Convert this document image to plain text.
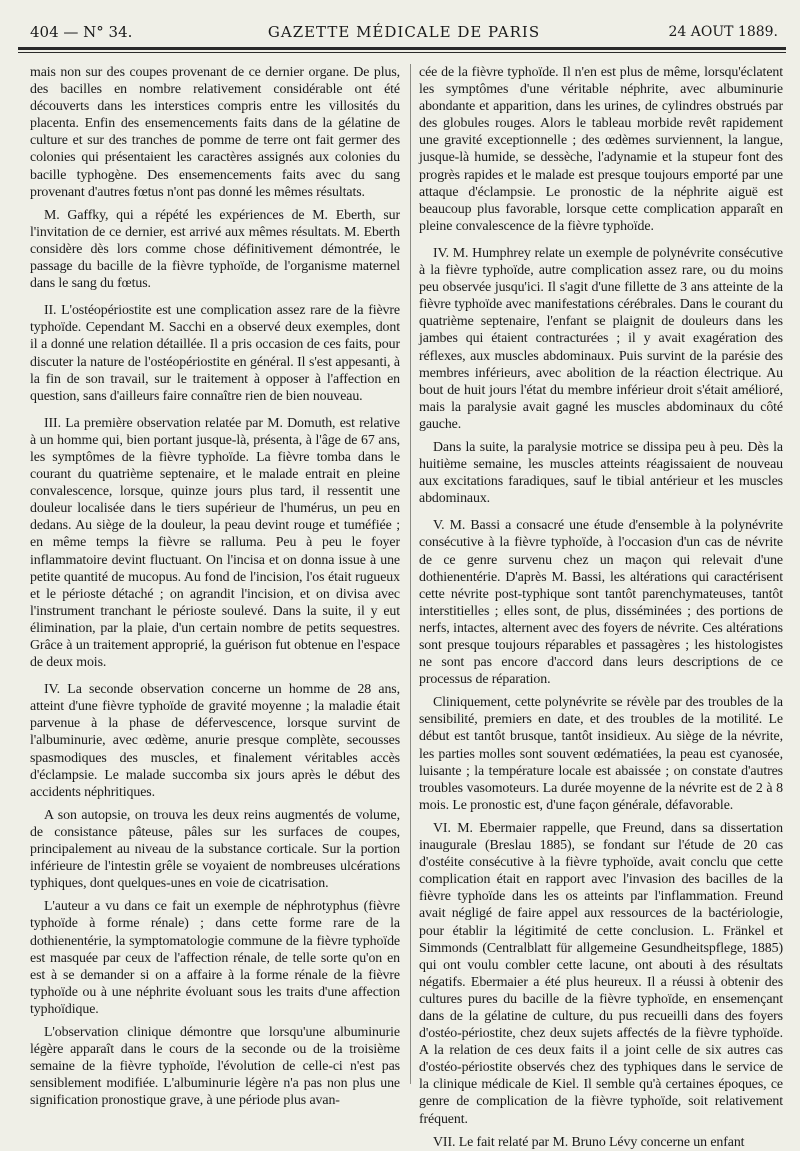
404 — N° 34.	GAZETTE MÉDICALE DE PARIS	24 AOUT 1889.

mais non sur des coupes provenant de ce dernier organe. De plus, des bacilles en nombre relativement considérable ont été découverts dans les interstices compris entre les villosités du placenta. Enfin des ensemencements faits dans de la gélatine de culture et sur des tranches de pomme de terre ont fait germer des colonies qui présentaient les caractères assignés aux colonies du bacille typhogène. Des ensemencements faits avec du sang provenant d'autres fœtus n'ont pas donné les mêmes résultats.

M. Gaffky, qui a répété les expériences de M. Eberth, sur l'invitation de ce dernier, est arrivé aux mêmes résultats. M. Eberth considère dès lors comme chose définitivement démontrée, le passage du bacille de la fièvre typhoïde, de l'organisme maternel dans le sang du fœtus.

II. L'ostéopériostite est une complication assez rare de la fièvre typhoïde. Cependant M. Sacchi en a observé deux exemples, dont il a donné une relation détaillée. Il a pris occasion de ces faits, pour discuter la nature de l'ostéopériostite en général. Il s'est appesanti, à la fin de son travail, sur le traitement à opposer à l'affection en question, sans d'ailleurs faire connaître rien de bien nouveau.

III. La première observation relatée par M. Domuth, est relative à un homme qui, bien portant jusque-là, présenta, à l'âge de 67 ans, les symptômes de la fièvre typhoïde. La fièvre tomba dans le courant du quatrième septenaire, et le malade entrait en pleine convalescence, lorsque, quinze jours plus tard, il ressentit une douleur localisée dans le tiers supérieur de l'humérus, un peu en dedans. Au siège de la douleur, la peau devint rouge et tuméfiée ; en même temps la fièvre se ralluma. Peu à peu le foyer inflammatoire devint fluctuant. On l'incisa et on donna issue à une petite quantité de mucopus. Au fond de l'incision, l'os était rugueux et le périoste détaché ; on agrandit l'incision, et on divisa avec l'instrument tranchant le périoste soulevé. Dans la suite, il y eut élimination, par la plaie, d'un certain nombre de petits sequestres. Grâce à un traitement approprié, la guérison fut obtenue en l'espace de deux mois.

IV. La seconde observation concerne un homme de 28 ans, atteint d'une fièvre typhoïde de gravité moyenne ; la maladie était parvenue à la phase de défervescence, lorsque survint de l'albuminurie, avec œdème, anurie presque complète, secousses spasmodiques des muscles, et finalement véritables accès d'éclampsie. Le malade succomba six jours après le début des accidents néphritiques.

A son autopsie, on trouva les deux reins augmentés de volume, de consistance pâteuse, pâles sur les surfaces de coupes, principalement au niveau de la substance corticale. Sur la portion inférieure de l'intestin grêle se voyaient de nombreuses ulcérations typhiques, dont quelques-unes en voie de cicatrisation.

L'auteur a vu dans ce fait un exemple de néphrotyphus (fièvre typhoïde à forme rénale) ; dans cette forme rare de la dothienentérie, la symptomatologie commune de la fièvre typhoïde est masquée par ceux de l'affection rénale, de telle sorte qu'on en est à se demander si on a affaire à la forme rénale de la fièvre typhoïde ou à une néphrite évoluant sous les traits d'une affection typhoïdique.

L'observation clinique démontre que lorsqu'une albuminurie légère apparaît dans le cours de la seconde ou de la troisième semaine de la fièvre typhoïde, l'évolution de celle-ci n'est pas sensiblement modifiée. L'albuminurie légère n'a pas non plus une signification pronostique grave, à une période plus avan-

cée de la fièvre typhoïde. Il n'en est plus de même, lorsqu'éclatent les symptômes d'une véritable néphrite, avec albuminurie abondante et apparition, dans les urines, de cylindres obstrués par des globules rouges. Alors le tableau morbide revêt rapidement une gravité exceptionnelle ; des œdèmes surviennent, la langue, jusque-là humide, se dessèche, l'adynamie et la stupeur font des progrès rapides et le malade est presque toujours emporté par une attaque d'éclampsie. Le pronostic de la néphrite aiguë est beaucoup plus favorable, lorsque cette complication apparaît en pleine convalescence de la fièvre typhoïde.

IV. M. Humphrey relate un exemple de polynévrite consécutive à la fièvre typhoïde, autre complication assez rare, ou du moins peu observée jusqu'ici. Il s'agit d'une fillette de 3 ans atteinte de la fièvre typhoïde avec manifestations cérébrales. Dans le courant du quatrième septenaire, l'enfant se plaignit de douleurs dans les jambes qui étaient contracturées ; il y avait exagération des réflexes, aux muscles abdominaux. Puis survint de la parésie des membres inférieurs, avec abolition de la réaction électrique. Au bout de huit jours l'état du membre inférieur droit s'était amélioré, mais la paralysie avait gagné les muscles abdominaux du côté gauche.

Dans la suite, la paralysie motrice se dissipa peu à peu. Dès la huitième semaine, les muscles atteints réagissaient de nouveau aux excitations faradiques, sauf le tibial antérieur et les muscles abdominaux.

V. M. Bassi a consacré une étude d'ensemble à la polynévrite consécutive à la fièvre typhoïde, à l'occasion d'un cas de névrite de ce genre survenu chez un maçon qui relevait d'une dothienentérie. D'après M. Bassi, les altérations qui caractérisent cette névrite post-typhique sont tantôt parenchymateuses, tantôt interstitielles ; elles sont, de plus, disséminées ; des portions de nerfs, intactes, alternent avec des foyers de névrite. Ces altérations sont presque toujours réparables et passagères ; les histologistes ne sont pas encore d'accord dans leurs descriptions de ce processus de réparation.

Cliniquement, cette polynévrite se révèle par des troubles de la sensibilité, premiers en date, et des troubles de la motilité. Le début est tantôt brusque, tantôt insidieux. Au siège de la névrite, les parties molles sont souvent œdématiées, la peau est cyanosée, luisante ; la température locale est abaissée ; on constate d'autres troubles vasomoteurs. La durée moyenne de la névrite est de 2 à 8 mois. Le pronostic est, d'une façon générale, défavorable.

VI. M. Ebermaier rappelle, que Freund, dans sa dissertation inaugurale (Breslau 1885), se fondant sur l'étude de 20 cas d'ostéite consécutive à la fièvre typhoïde, avait conclu que cette complication était en rapport avec l'invasion des bacilles de la fièvre typhoïde dans les os atteints par l'inflammation. Freund avait négligé de faire appel aux ressources de la bactériologie, pour établir la légitimité de cette conclusion. L. Fränkel et Simmonds (Centralblatt für allgemeine Gesundheitspflege, 1885) qui ont voulu combler cette lacune, ont abouti à des résultats négatifs. Ebermaier a été plus heureux. Il a réussi à obtenir des cultures pures du bacille de la fièvre typhoïde, en ensemençant dans de la gélatine de culture, du pus recueilli dans des foyers d'ostéo-périostite, chez deux sujets affectés de la fièvre typhoïde. A la relation de ces deux faits il a joint celle de six autres cas d'ostéo-périostite observés chez des typhiques dans le service de la clinique médicale de Kiel. Il semble qu'à certaines époques, ce genre de complication de la fièvre typhoïde, soit relativement fréquent.

VII. Le fait relaté par M. Bruno Lévy concerne un enfant
